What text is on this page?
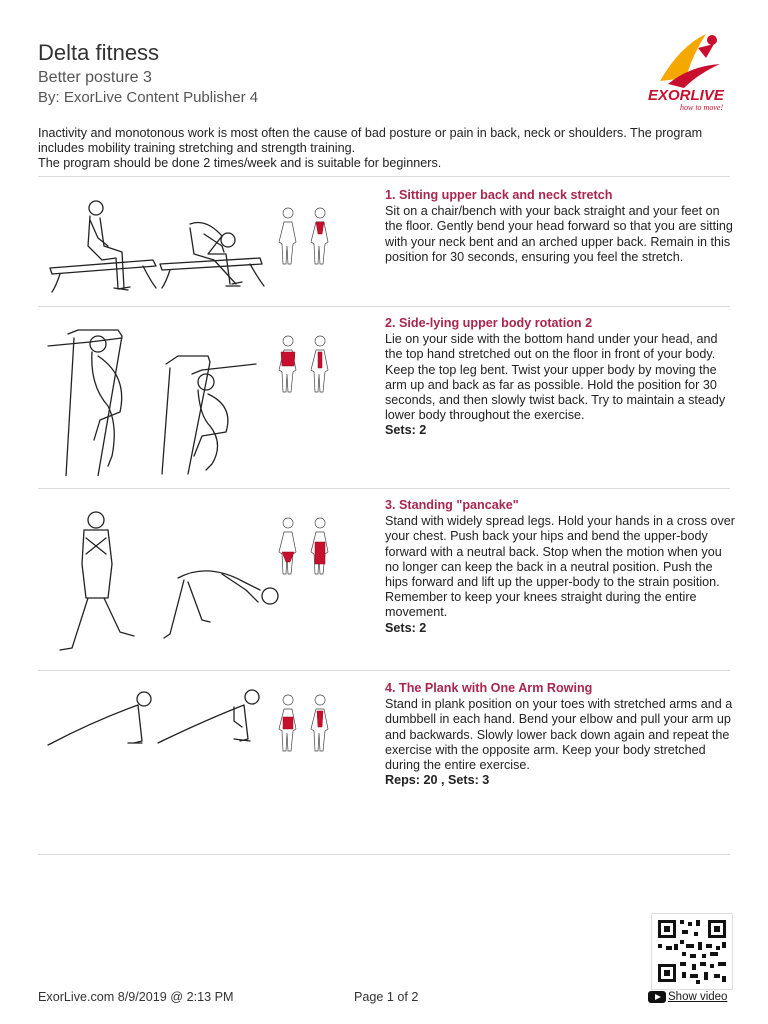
Delta fitness
Better posture 3
By: ExorLive Content Publisher 4	EXORLIVE
how to move!
Inactivity and monotonous work is most often the cause of bad posture or pain in back, neck or shoulders. The program includes mobility training stretching and strength training.
The program should be done 2 times/week and is suitable for beginners.
1. Sitting upper back and neck stretch
Sit on a chair/bench with your back straight and your feet on the floor. Gently bend your head forward so that you are sitting with your neck bent and an arched upper back. Remain in this position for 30 seconds, ensuring you feel the stretch.
2. Side-lying upper body rotation 2
Lie on your side with the bottom hand under your head, and the top hand stretched out on the floor in front of your body. Keep the top leg bent. Twist your upper body by moving the arm up and back as far as possible. Hold the position for 30 seconds, and then slowly twist back. Try to maintain a steady lower body throughout the exercise.
Sets: 2
3. Standing "pancake"
Stand with widely spread legs. Hold your hands in a cross over your chest. Push back your hips and bend the upper-body forward with a neutral back. Stop when the motion when you no longer can keep the back in a neutral position. Push the hips forward and lift up the upper-body to the strain position. Remember to keep your knees straight during the entire movement.
Sets: 2
4. The Plank with One Arm Rowing
Stand in plank position on your toes with stretched arms and a dumbbell in each hand. Bend your elbow and pull your arm up and backwards. Slowly lower back down again and repeat the exercise with the opposite arm. Keep your body stretched during the entire exercise.
Reps: 20 , Sets: 3
ExorLive.com 8/9/2019 @ 2:13 PM	Page 1 of 2	Show video
